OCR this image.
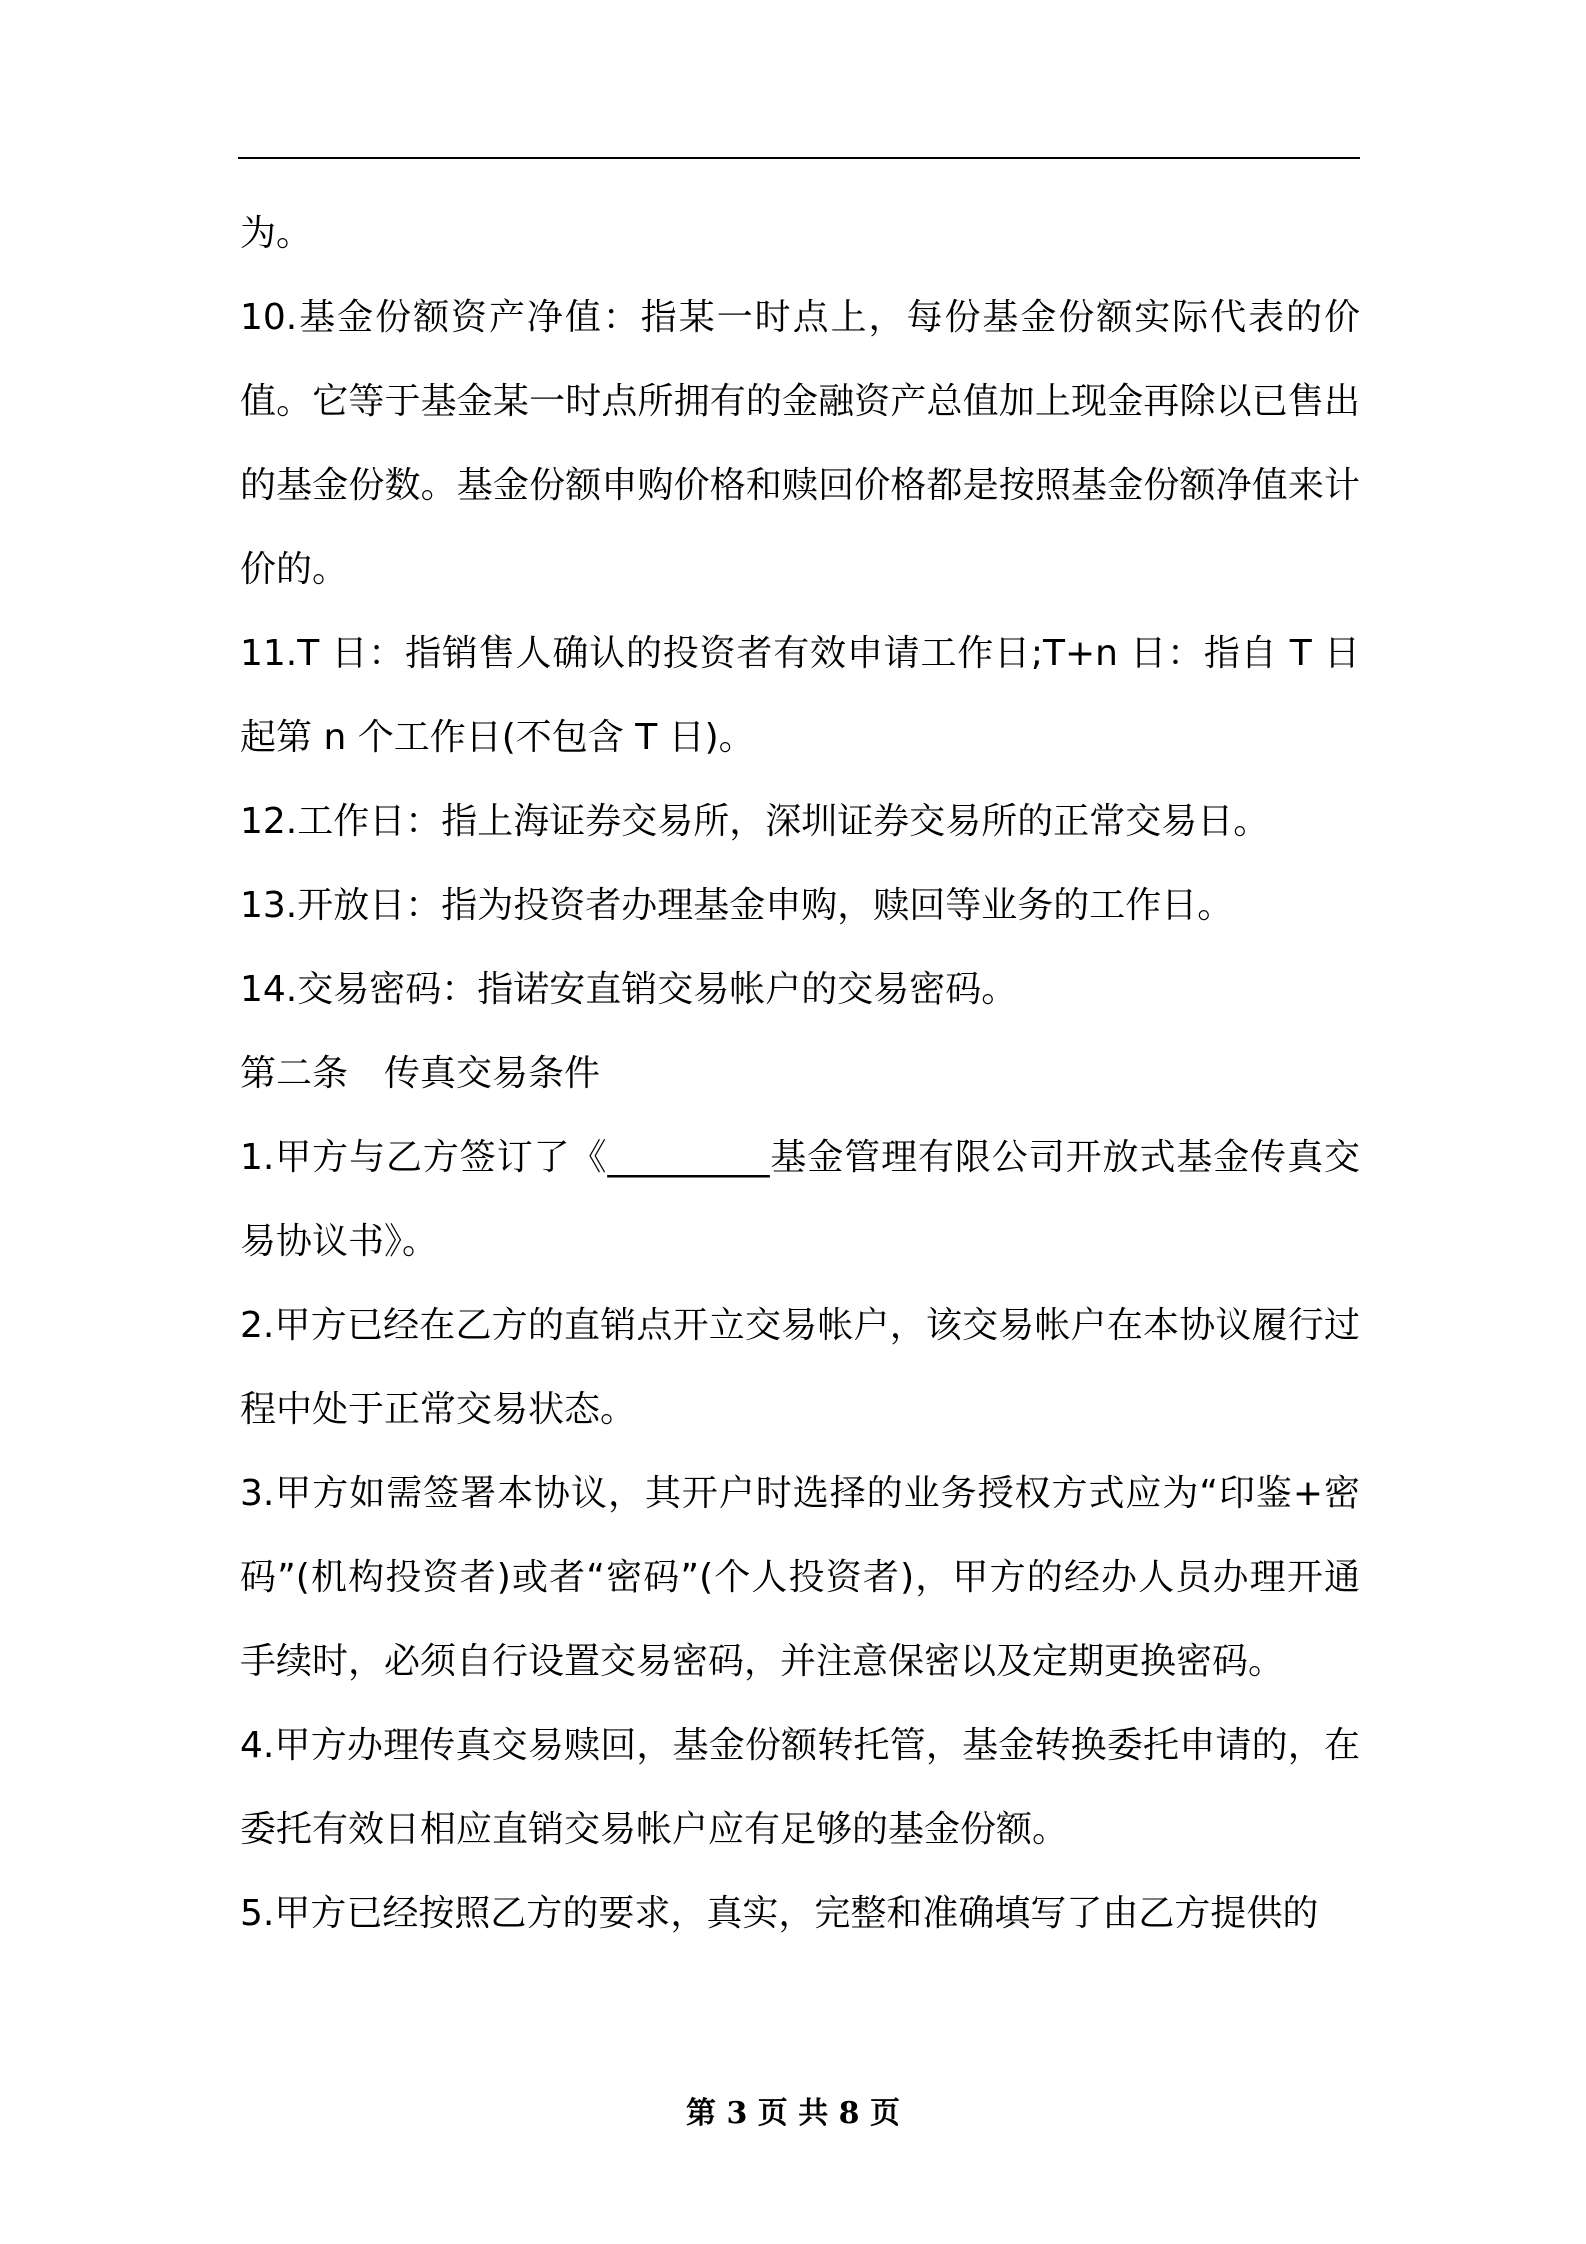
为。

10.基金份额资产净值：指某一时点上，每份基金份额实际代表的价值。它等于基金某一时点所拥有的金融资产总值加上现金再除以已售出的基金份数。基金份额申购价格和赎回价格都是按照基金份额净值来计价的。

11.T 日：指销售人确认的投资者有效申请工作日;T+n 日：指自 T 日起第 n 个工作日(不包含 T 日)。

12.工作日：指上海证券交易所，深圳证券交易所的正常交易日。

13.开放日：指为投资者办理基金申购，赎回等业务的工作日。

14.交易密码：指诺安直销交易帐户的交易密码。

第二条　传真交易条件

1.甲方与乙方签订了《_________基金管理有限公司开放式基金传真交易协议书》。

2.甲方已经在乙方的直销点开立交易帐户，该交易帐户在本协议履行过程中处于正常交易状态。

3.甲方如需签署本协议，其开户时选择的业务授权方式应为“印鉴+密码”(机构投资者)或者“密码”(个人投资者)，甲方的经办人员办理开通手续时，必须自行设置交易密码，并注意保密以及定期更换密码。

4.甲方办理传真交易赎回，基金份额转托管，基金转换委托申请的，在委托有效日相应直销交易帐户应有足够的基金份额。

5.甲方已经按照乙方的要求，真实，完整和准确填写了由乙方提供的

第 3 页 共 8 页
